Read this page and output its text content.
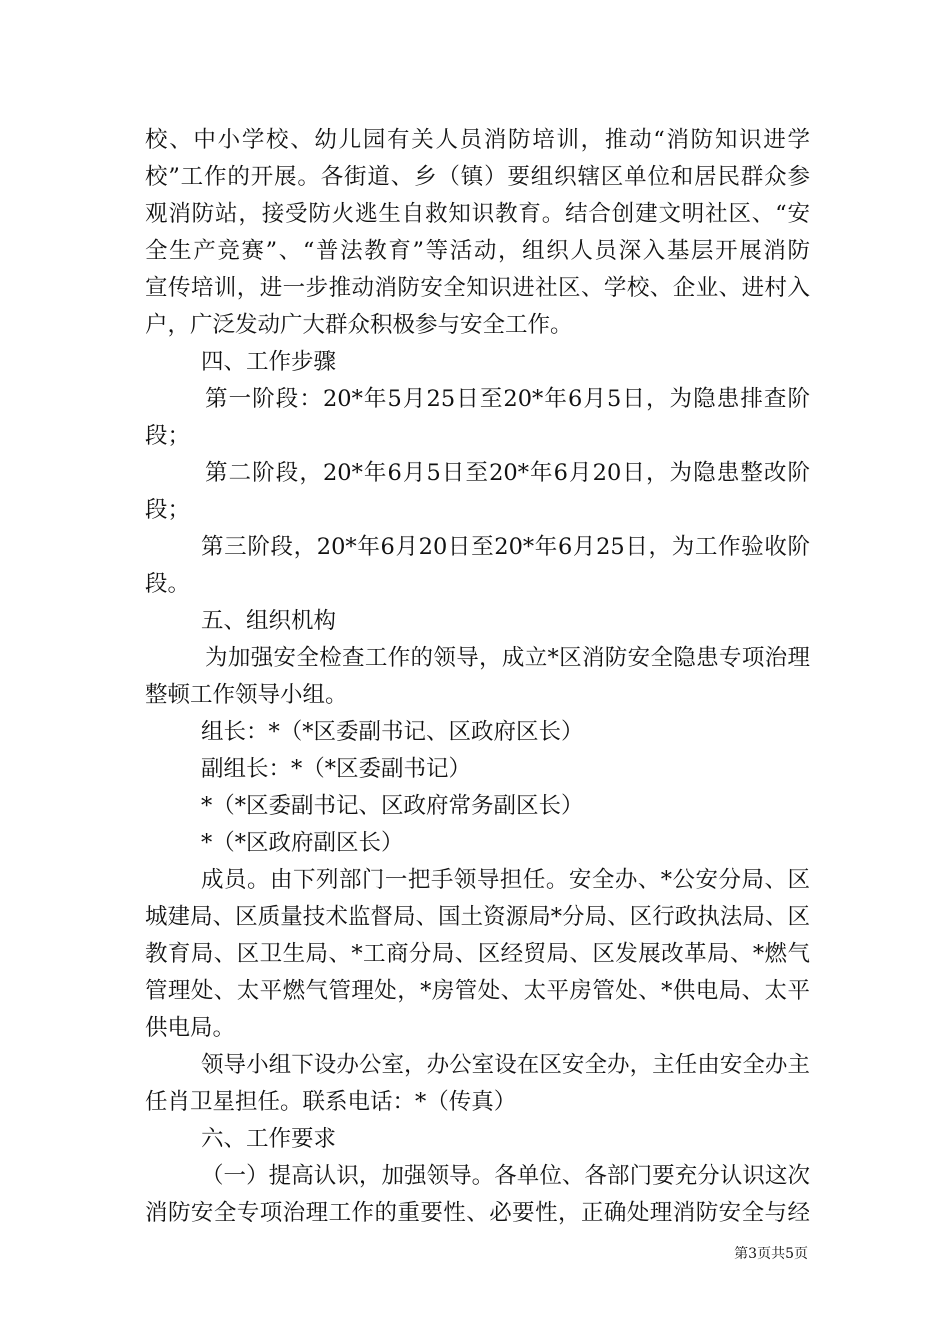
校、中小学校、幼儿园有关人员消防培训，推动“消防知识进学
校”工作的开展。各街道、乡（镇）要组织辖区单位和居民群众参
观消防站，接受防火逃生自救知识教育。结合创建文明社区、“安
全生产竞赛”、“普法教育”等活动，组织人员深入基层开展消防
宣传培训，进一步推动消防安全知识进社区、学校、企业、进村入
户，广泛发动广大群众积极参与安全工作。
四、工作步骤
第一阶段：20*年5月25日至20*年6月5日，为隐患排查阶
段；
第二阶段，20*年6月5日至20*年6月20日，为隐患整改阶
段；
第三阶段，20*年6月20日至20*年6月25日，为工作验收阶
段。
五、组织机构
为加强安全检查工作的领导，成立*区消防安全隐患专项治理
整顿工作领导小组。
组长：*（*区委副书记、区政府区长）
副组长：*（*区委副书记）
*（*区委副书记、区政府常务副区长）
*（*区政府副区长）
成员。由下列部门一把手领导担任。安全办、*公安分局、区
城建局、区质量技术监督局、国土资源局*分局、区行政执法局、区
教育局、区卫生局、*工商分局、区经贸局、区发展改革局、*燃气
管理处、太平燃气管理处，*房管处、太平房管处、*供电局、太平
供电局。
领导小组下设办公室，办公室设在区安全办，主任由安全办主
任肖卫星担任。联系电话：*（传真）
六、工作要求
（一）提高认识，加强领导。各单位、各部门要充分认识这次
消防安全专项治理工作的重要性、必要性，正确处理消防安全与经
第3页共5页
